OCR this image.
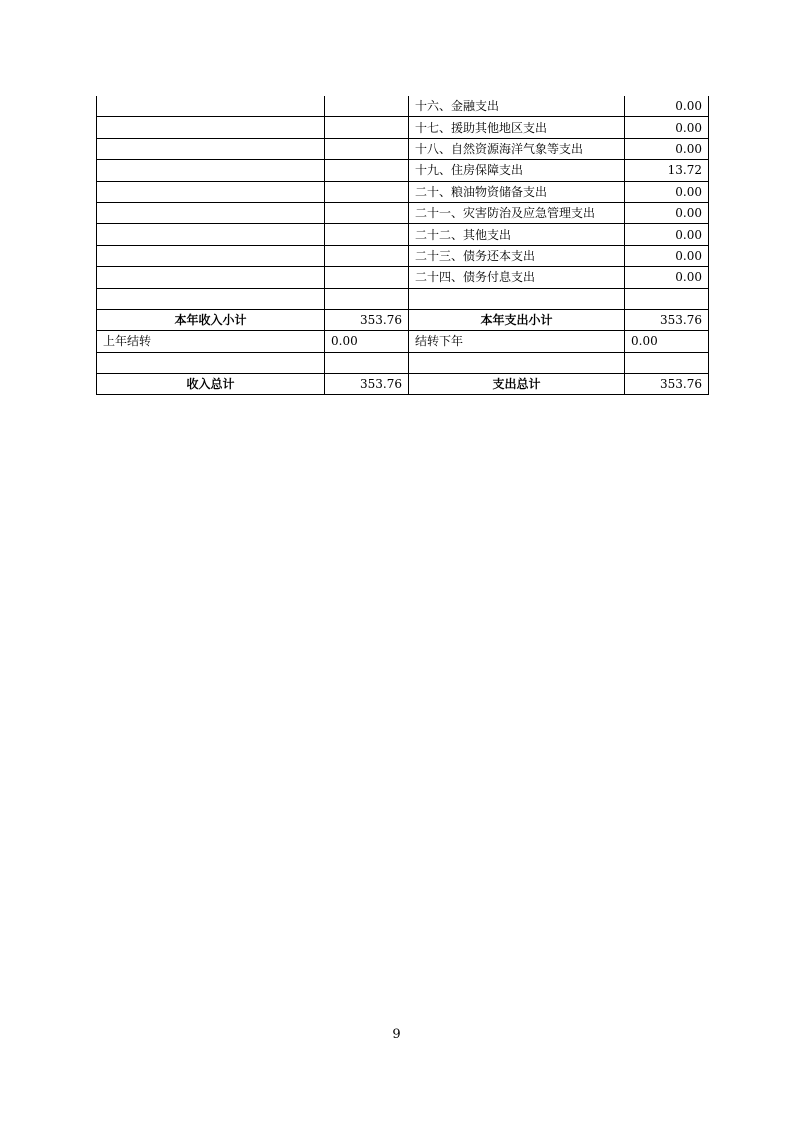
		十六、金融支出	0.00
		十七、援助其他地区支出	0.00
		十八、自然资源海洋气象等支出	0.00
		十九、住房保障支出	13.72
		二十、粮油物资储备支出	0.00
		二十一、灾害防治及应急管理支出	0.00
		二十二、其他支出	0.00
		二十三、债务还本支出	0.00
		二十四、债务付息支出	0.00

本年收入小计	353.76	本年支出小计	353.76
上年结转	0.00	结转下年	0.00

收入总计	353.76	支出总计	353.76
9
